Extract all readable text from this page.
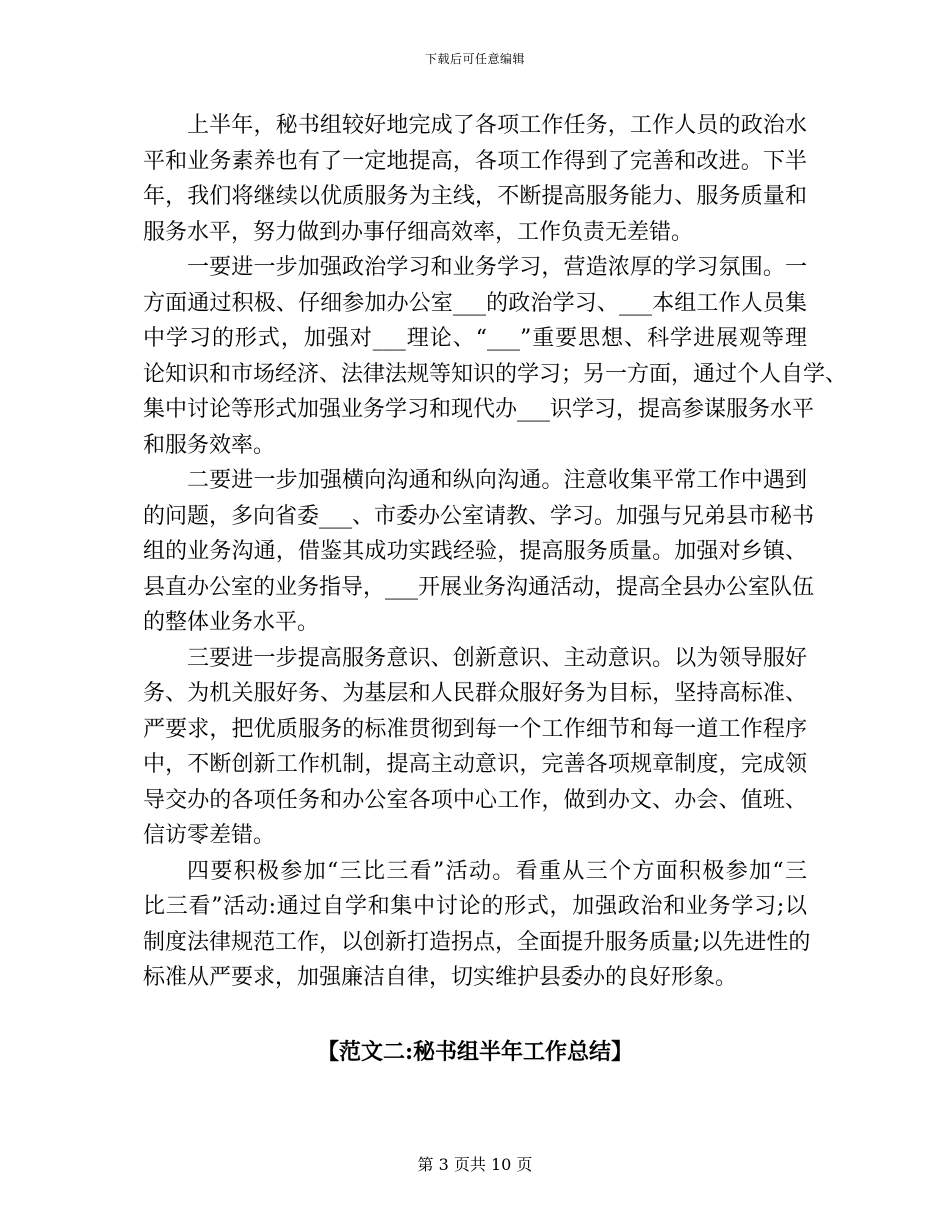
下载后可任意编辑
上半年，秘书组较好地完成了各项工作任务，工作人员的政治水
平和业务素养也有了一定地提高，各项工作得到了完善和改进。下半
年，我们将继续以优质服务为主线，不断提高服务能力、服务质量和
服务水平，努力做到办事仔细高效率，工作负责无差错。
一要进一步加强政治学习和业务学习，营造浓厚的学习氛围。一
方面通过积极、仔细参加办公室___的政治学习、___本组工作人员集
中学习的形式，加强对___理论、“___”重要思想、科学进展观等理
论知识和市场经济、法律法规等知识的学习；另一方面，通过个人自学、
集中讨论等形式加强业务学习和现代办___识学习，提高参谋服务水平
和服务效率。
二要进一步加强横向沟通和纵向沟通。注意收集平常工作中遇到
的问题，多向省委___、市委办公室请教、学习。加强与兄弟县市秘书
组的业务沟通，借鉴其成功实践经验，提高服务质量。加强对乡镇、
县直办公室的业务指导，___开展业务沟通活动，提高全县办公室队伍
的整体业务水平。
三要进一步提高服务意识、创新意识、主动意识。以为领导服好
务、为机关服好务、为基层和人民群众服好务为目标，坚持高标准、
严要求，把优质服务的标准贯彻到每一个工作细节和每一道工作程序
中，不断创新工作机制，提高主动意识，完善各项规章制度，完成领
导交办的各项任务和办公室各项中心工作，做到办文、办会、值班、
信访零差错。
四要积极参加“三比三看”活动。看重从三个方面积极参加“三
比三看”活动:通过自学和集中讨论的形式，加强政治和业务学习;以
制度法律规范工作，以创新打造拐点，全面提升服务质量;以先进性的
标准从严要求，加强廉洁自律，切实维护县委办的良好形象。
【范文二:秘书组半年工作总结】
第 3 页共 10 页
